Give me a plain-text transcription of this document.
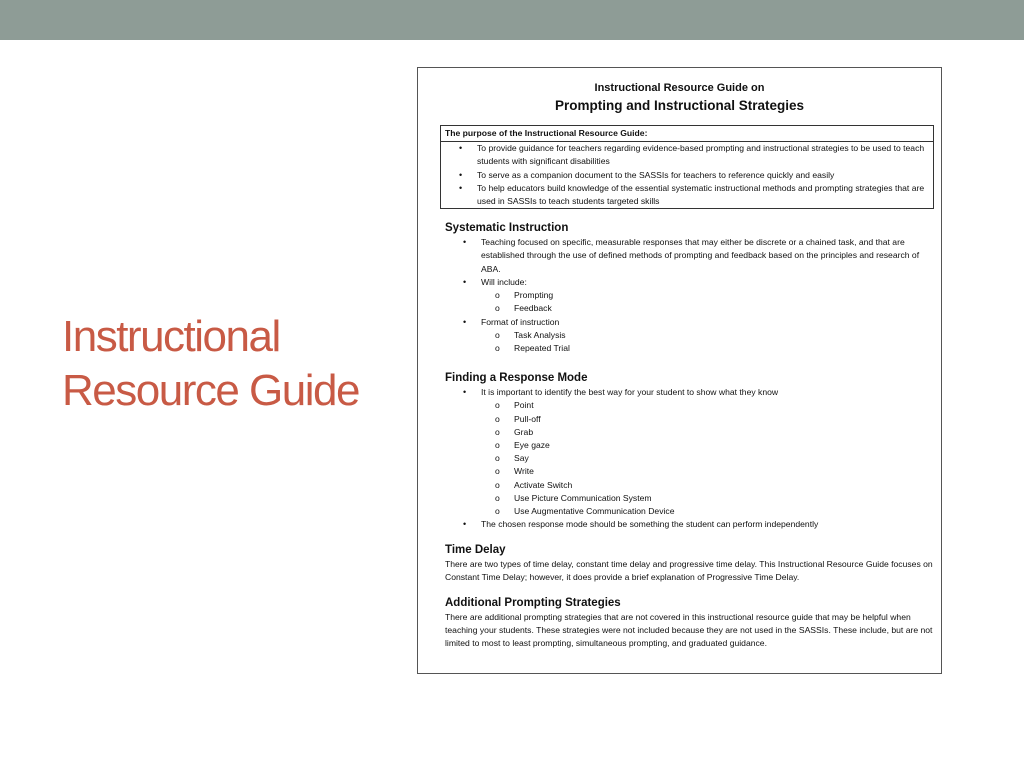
Instructional
Resource Guide
Instructional Resource Guide on
Prompting and Instructional Strategies
The purpose of the Instructional Resource Guide:
• To provide guidance for teachers regarding evidence-based prompting and instructional strategies to be used to teach students with significant disabilities
• To serve as a companion document to the SASSIs for teachers to reference quickly and easily
• To help educators build knowledge of the essential systematic instructional methods and prompting strategies that are used in SASSIs to teach students targeted skills
Systematic Instruction
• Teaching focused on specific, measurable responses that may either be discrete or a chained task, and that are established through the use of defined methods of prompting and feedback based on the principles and research of ABA.
• Will include:
o Prompting
o Feedback
• Format of instruction
o Task Analysis
o Repeated Trial
Finding a Response Mode
• It is important to identify the best way for your student to show what they know
o Point
o Pull-off
o Grab
o Eye gaze
o Say
o Write
o Activate Switch
o Use Picture Communication System
o Use Augmentative Communication Device
• The chosen response mode should be something the student can perform independently
Time Delay
There are two types of time delay, constant time delay and progressive time delay. This Instructional Resource Guide focuses on Constant Time Delay; however, it does provide a brief explanation of Progressive Time Delay.
Additional Prompting Strategies
There are additional prompting strategies that are not covered in this instructional resource guide that may be helpful when teaching your students. These strategies were not included because they are not used in the SASSIs. These include, but are not limited to most to least prompting, simultaneous prompting, and graduated guidance.
